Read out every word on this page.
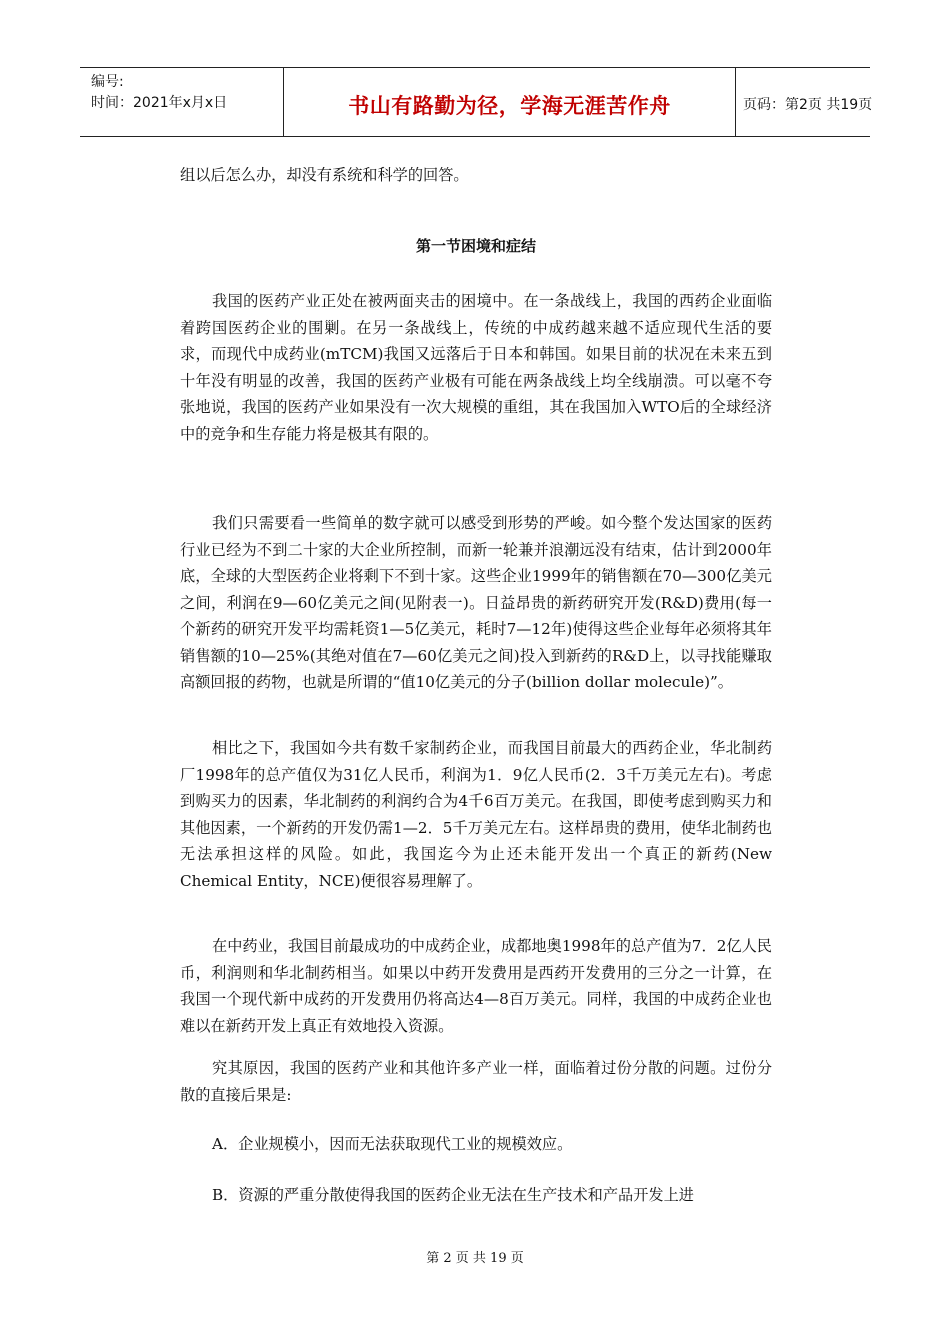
编号:
时间：2021年x月x日	书山有路勤为径，学海无涯苦作舟	页码：第2页 共19页
组以后怎么办，却没有系统和科学的回答。
第一节困境和症结
我国的医药产业正处在被两面夹击的困境中。在一条战线上，我国的西药企业面临着跨国医药企业的围剿。在另一条战线上，传统的中成药越来越不适应现代生活的要求，而现代中成药业(mTCM)我国又远落后于日本和韩国。如果目前的状况在未来五到十年没有明显的改善，我国的医药产业极有可能在两条战线上均全线崩溃。可以毫不夸张地说，我国的医药产业如果没有一次大规模的重组，其在我国加入WTO后的全球经济中的竞争和生存能力将是极其有限的。
我们只需要看一些简单的数字就可以感受到形势的严峻。如今整个发达国家的医药行业已经为不到二十家的大企业所控制，而新一轮兼并浪潮远没有结束，估计到2000年底，全球的大型医药企业将剩下不到十家。这些企业1999年的销售额在70—300亿美元之间，利润在9—60亿美元之间(见附表一)。日益昂贵的新药研究开发(R&D)费用(每一个新药的研究开发平均需耗资1—5亿美元，耗时7—12年)使得这些企业每年必须将其年销售额的10—25%(其绝对值在7—60亿美元之间)投入到新药的R&D上，以寻找能赚取高额回报的药物，也就是所谓的“值10亿美元的分子(billion dollar molecule)”。
相比之下，我国如今共有数千家制药企业，而我国目前最大的西药企业，华北制药厂1998年的总产值仅为31亿人民币，利润为1．9亿人民币(2．3千万美元左右)。考虑到购买力的因素，华北制药的利润约合为4千6百万美元。在我国，即使考虑到购买力和其他因素，一个新药的开发仍需1—2．5千万美元左右。这样昂贵的费用，使华北制药也无法承担这样的风险。如此，我国迄今为止还未能开发出一个真正的新药(New Chemical Entity，NCE)便很容易理解了。
在中药业，我国目前最成功的中成药企业，成都地奥1998年的总产值为7．2亿人民币，利润则和华北制药相当。如果以中药开发费用是西药开发费用的三分之一计算，在我国一个现代新中成药的开发费用仍将高达4—8百万美元。同样，我国的中成药企业也难以在新药开发上真正有效地投入资源。
究其原因，我国的医药产业和其他许多产业一样，面临着过份分散的问题。过份分散的直接后果是:
A．企业规模小，因而无法获取现代工业的规模效应。
B．资源的严重分散使得我国的医药企业无法在生产技术和产品开发上进
第 2 页 共 19 页
